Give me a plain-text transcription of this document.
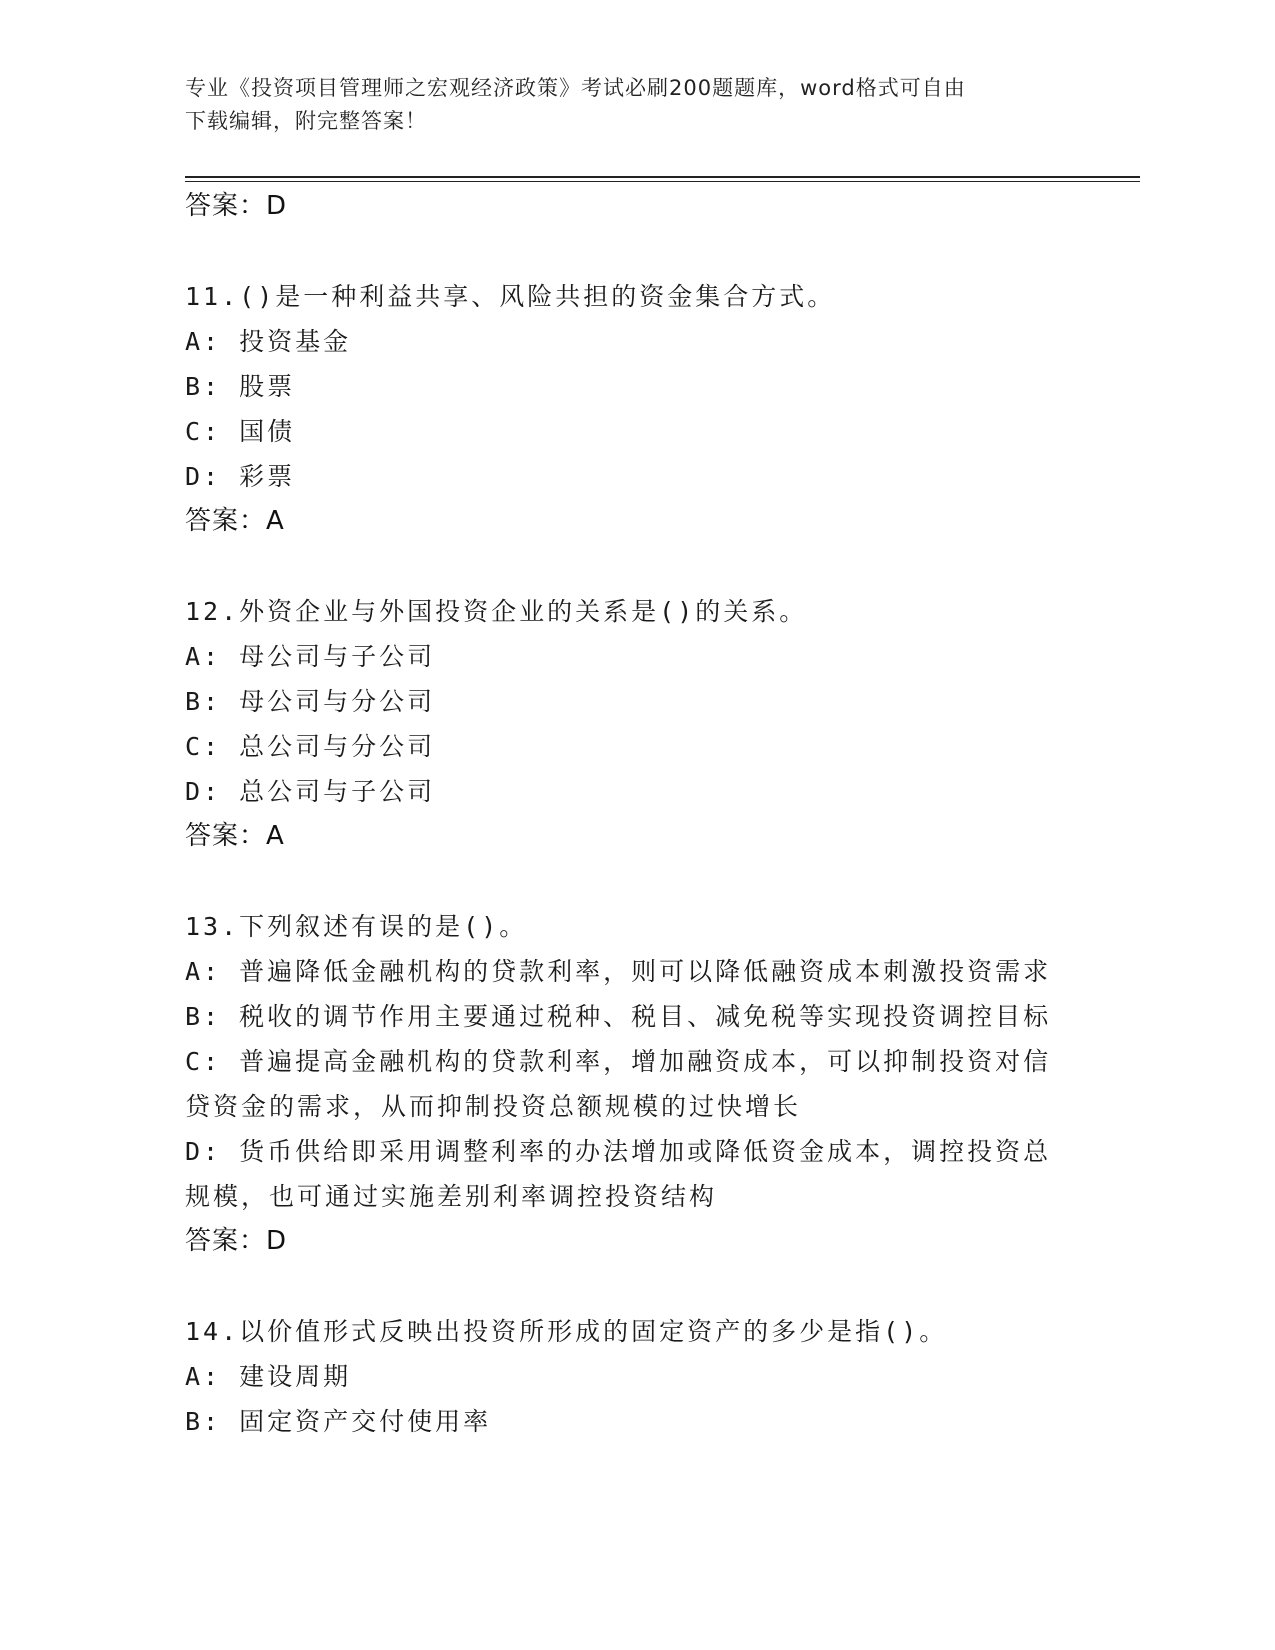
专业《投资项目管理师之宏观经济政策》考试必刷200题题库，word格式可自由
下载编辑，附完整答案！
答案：D
11.()是一种利益共享、风险共担的资金集合方式。
A: 投资基金
B: 股票
C: 国债
D: 彩票
答案：A
12.外资企业与外国投资企业的关系是()的关系。
A: 母公司与子公司
B: 母公司与分公司
C: 总公司与分公司
D: 总公司与子公司
答案：A
13.下列叙述有误的是()。
A: 普遍降低金融机构的贷款利率，则可以降低融资成本刺激投资需求
B: 税收的调节作用主要通过税种、税目、减免税等实现投资调控目标
C: 普遍提高金融机构的贷款利率，增加融资成本，可以抑制投资对信
贷资金的需求，从而抑制投资总额规模的过快增长
D: 货币供给即采用调整利率的办法增加或降低资金成本，调控投资总
规模，也可通过实施差别利率调控投资结构
答案：D
14.以价值形式反映出投资所形成的固定资产的多少是指()。
A: 建设周期
B: 固定资产交付使用率
